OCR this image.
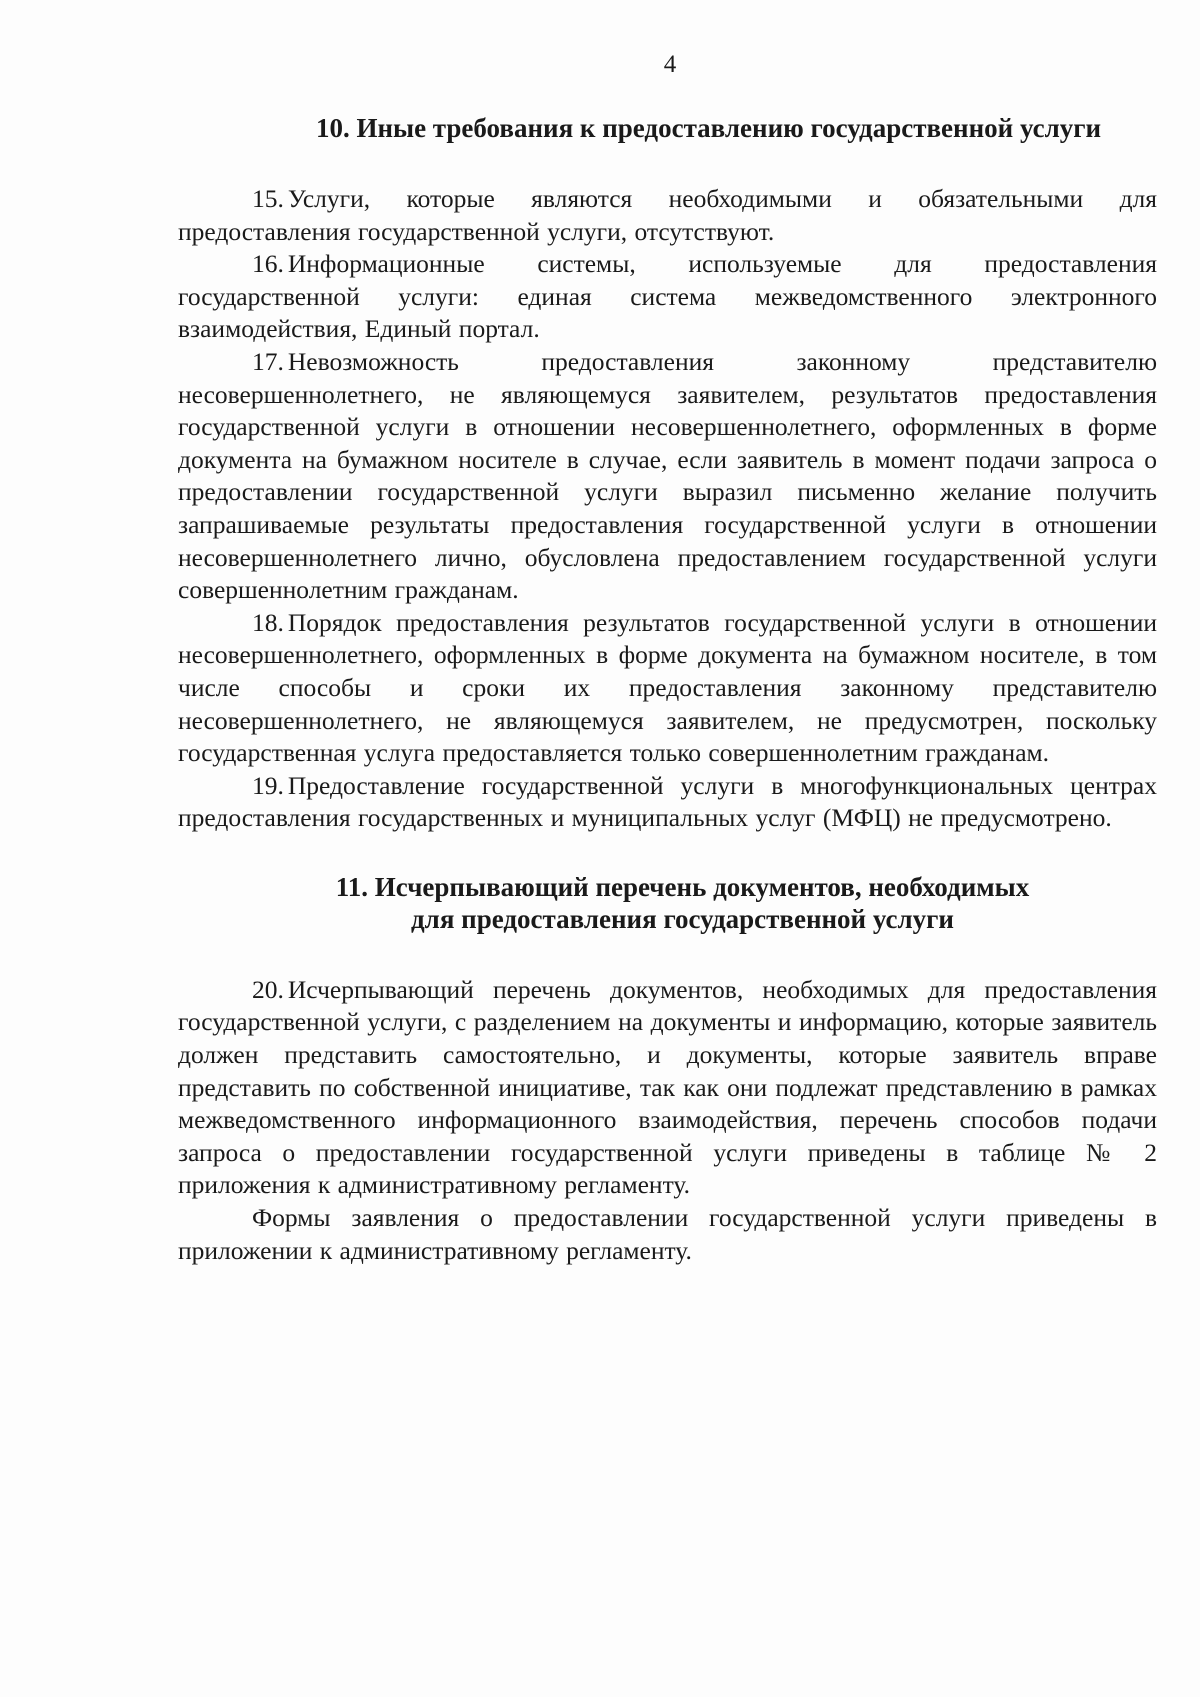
4
10. Иные требования к предоставлению государственной услуги

15. Услуги, которые являются необходимыми и обязательными для предоставления государственной услуги, отсутствуют.

16. Информационные системы, используемые для предоставления государственной услуги: единая система межведомственного электронного взаимодействия, Единый портал.

17. Невозможность предоставления законному представителю несовершеннолетнего, не являющемуся заявителем, результатов предоставления государственной услуги в отношении несовершеннолетнего, оформленных в форме документа на бумажном носителе в случае, если заявитель в момент подачи запроса о предоставлении государственной услуги выразил письменно желание получить запрашиваемые результаты предоставления государственной услуги в отношении несовершеннолетнего лично, обусловлена предоставлением государственной услуги совершеннолетним гражданам.

18. Порядок предоставления результатов государственной услуги в отношении несовершеннолетнего, оформленных в форме документа на бумажном носителе, в том числе способы и сроки их предоставления законному представителю несовершеннолетнего, не являющемуся заявителем, не предусмотрен, поскольку государственная услуга предоставляется только совершеннолетним гражданам.

19. Предоставление государственной услуги в многофункциональных центрах предоставления государственных и муниципальных услуг (МФЦ) не предусмотрено.

11. Исчерпывающий перечень документов, необходимых
для предоставления государственной услуги

20. Исчерпывающий перечень документов, необходимых для предоставления государственной услуги, с разделением на документы и информацию, которые заявитель должен представить самостоятельно, и документы, которые заявитель вправе представить по собственной инициативе, так как они подлежат представлению в рамках межведомственного информационного взаимодействия, перечень способов подачи запроса о предоставлении государственной услуги приведены в таблице № 2 приложения к административному регламенту.

Формы заявления о предоставлении государственной услуги приведены в приложении к административному регламенту.
